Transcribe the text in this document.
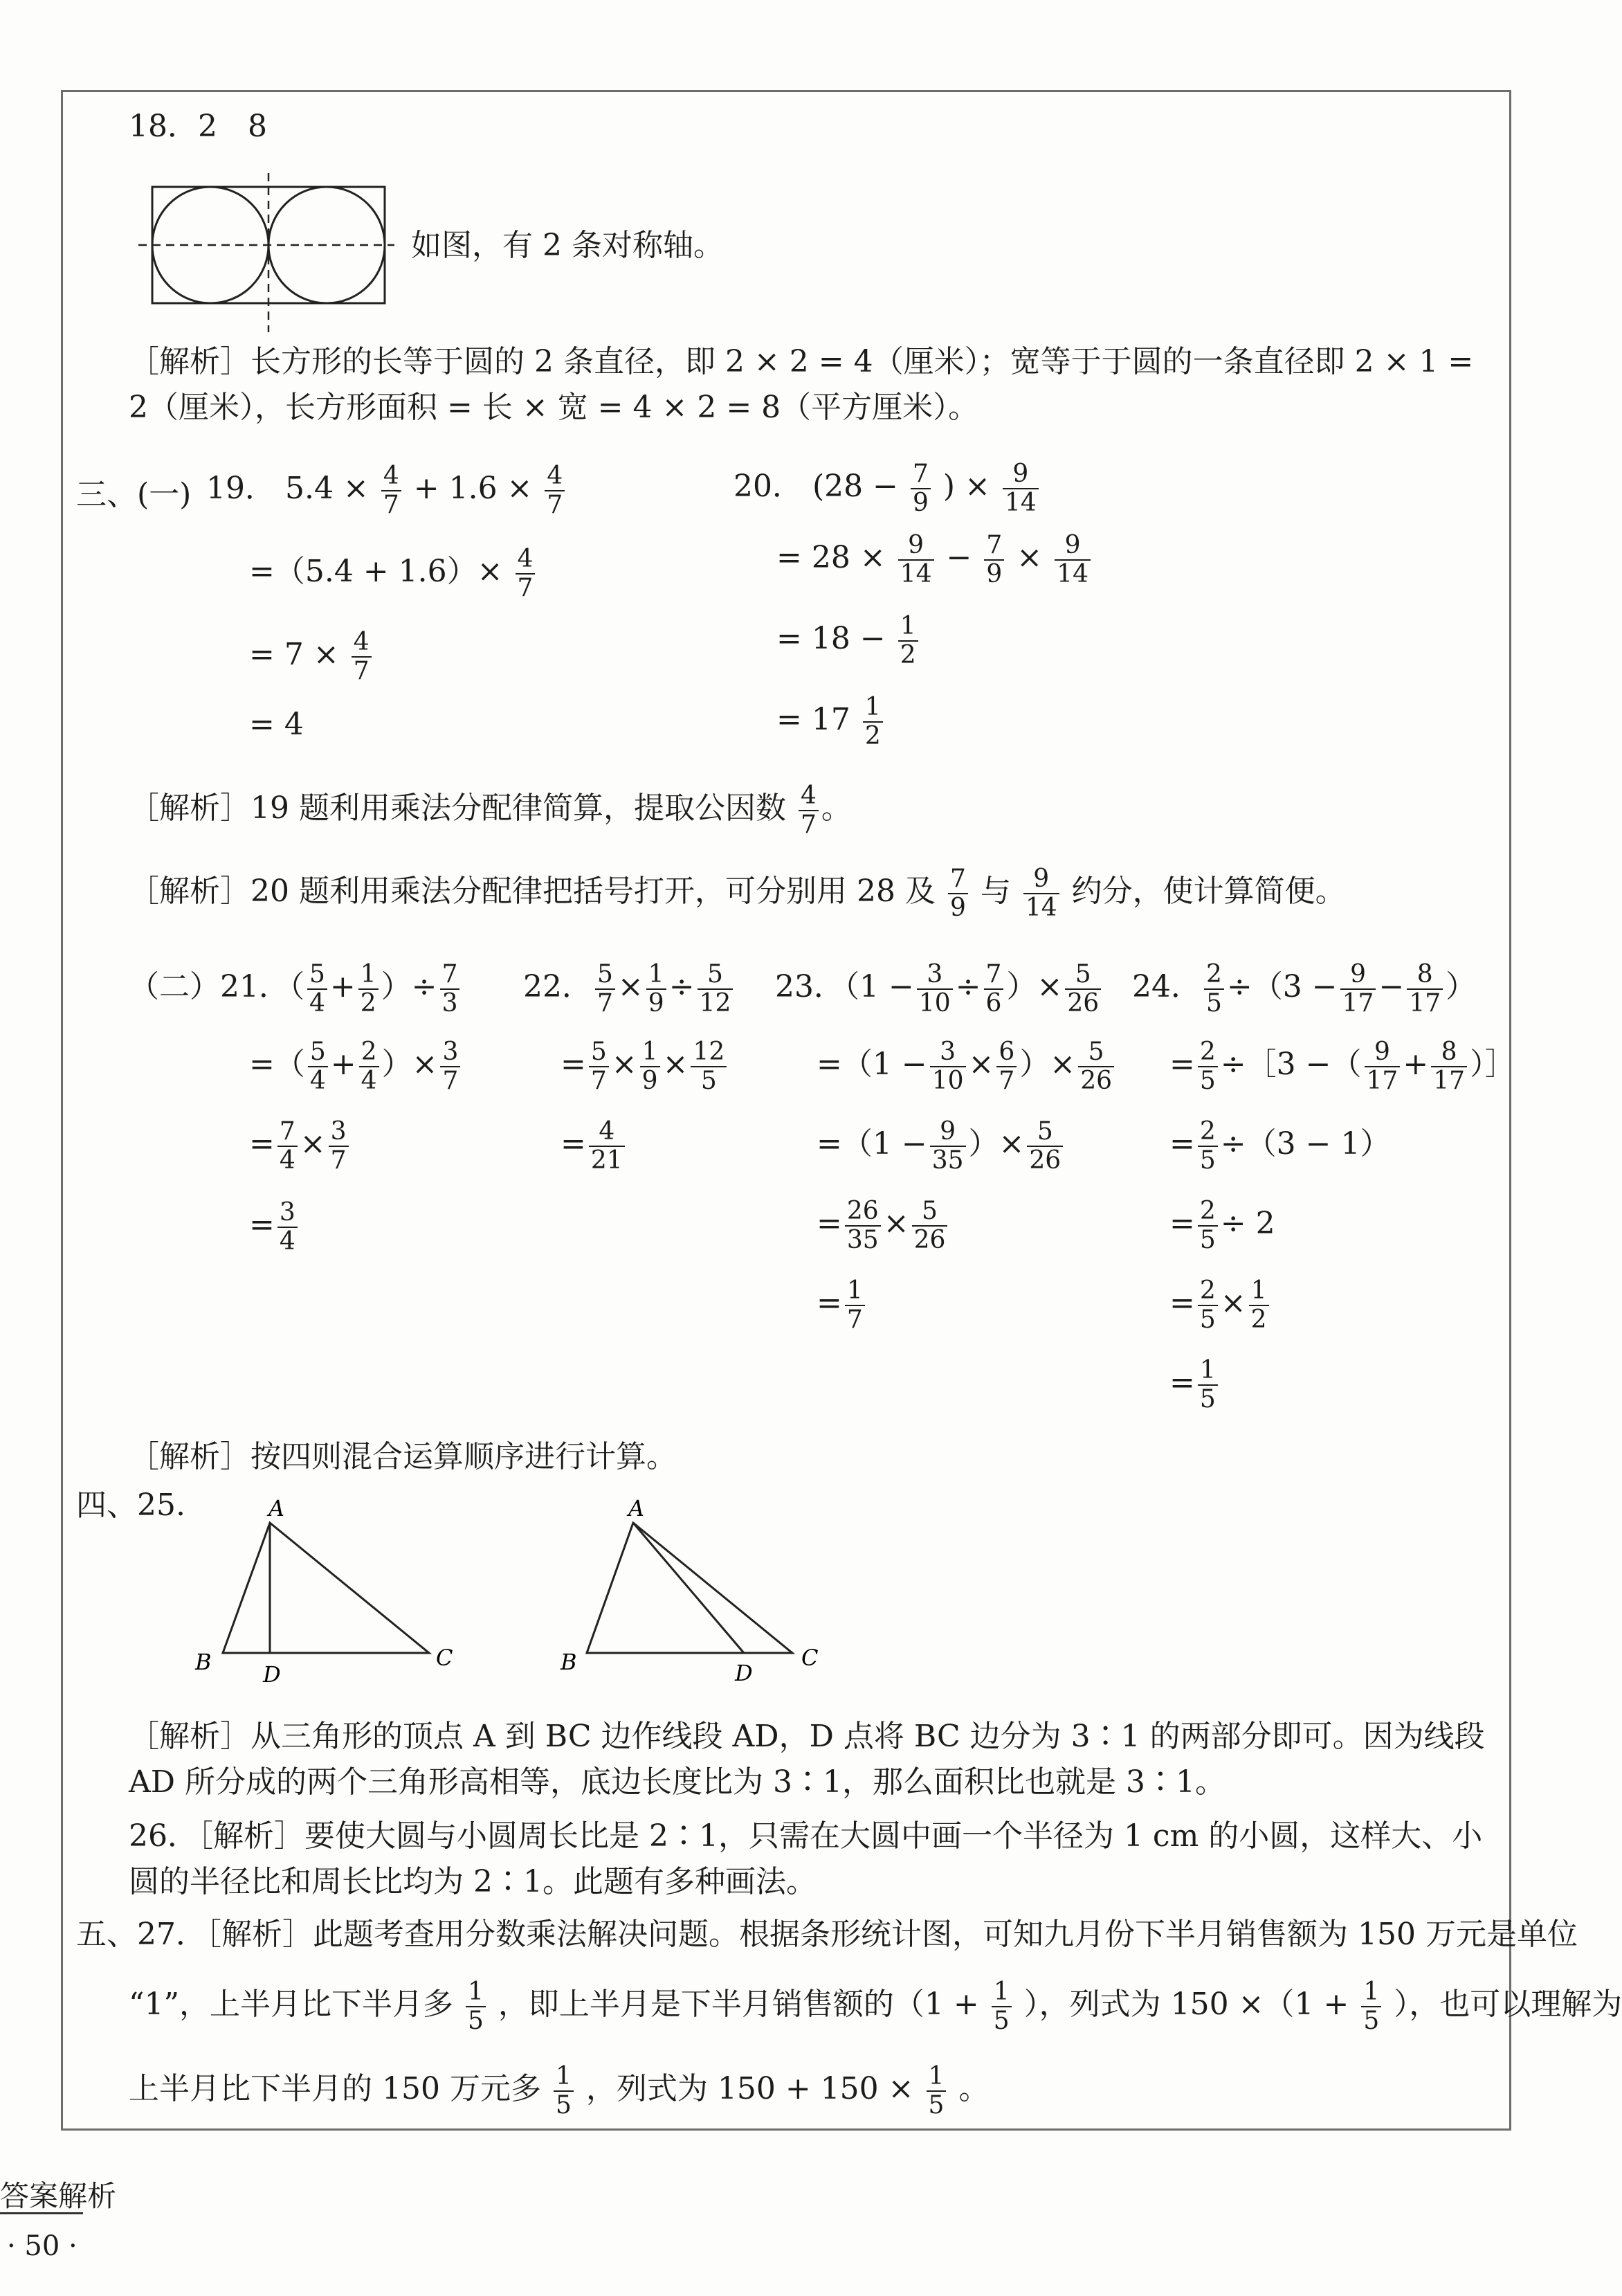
18．2　8
如图，有 2 条对称轴。
［解析］长方形的长等于圆的 2 条直径，即 2 × 2 = 4（厘米）；宽等于于圆的一条直径即 2 × 1 = 2（厘米），长方形面积 = 长 × 宽 = 4 × 2 = 8（平方厘米）。
三、(一) 19． $5.4 \times \frac{4}{7} + 1.6 \times \frac{4}{7}$
$=(5.4 + 1.6)\times \frac{4}{7}$
= $7 \times \frac{4}{7}$
= 4
20． ($28 - \frac{7}{9}$ ) × $\frac{9}{14}$
= $28 \times \frac{9}{14} - \frac{7}{9} \times \frac{9}{14}$
= $18 - \frac{1}{2}$
= $17 \frac{1}{2}$
［解析］19 题利用乘法分配律简算，提取公因数 $\frac{4}{7}$ 。
［解析］20 题利用乘法分配律把括号打开，可分别用 28 及 $\frac{7}{9}$ 与 $\frac{9}{14}$ 约分，使计算简便。
（二）21．（ $\frac{5}{4} + \frac{1}{2}$ ）÷ $\frac{7}{3}$
=（ $\frac{5}{4} + \frac{2}{4}$ ）× $\frac{3}{7}$
= $\frac{7}{4} \times \frac{3}{7}$
= $\frac{3}{4}$
22． $\frac{5}{7} \times \frac{1}{9} \div \frac{5}{12}$
= $\frac{5}{7} \times \frac{1}{9} \times \frac{12}{5}$
= $\frac{4}{21}$
23．（$1 - \frac{3}{10} \div \frac{7}{6}$ ）× $\frac{5}{26}$
$=(1 - \frac{3}{10} \times \frac{6}{7}$ ）× $\frac{5}{26}$
$=(1 - \frac{9}{35}$ ）× $\frac{5}{26}$
= $\frac{26}{35} \times \frac{5}{26}$
= $\frac{1}{7}$
24． $\frac{2}{5} \div(3 - \frac{9}{17} - \frac{8}{17}$ ）
= $\frac{2}{5}$ ÷［3 −（ $\frac{9}{17} + \frac{8}{17}$ ）］
= $\frac{2}{5} \div(3 - 1)$
= $\frac{2}{5} \div 2$
= $\frac{2}{5} \times \frac{1}{2}$
= $\frac{1}{5}$
［解析］按四则混合运算顺序进行计算。
四、25.	A
B D
C
A
B	D
C
［解析］从三角形的顶点 A 到 BC 边作线段 AD，D 点将 BC 边分为 3∶1 的两部分即可。因为线段 AD 所分成的两个三角形高相等，底边长度比为 3∶1，那么面积比也就是 3∶1。
26．［解析］要使大圆与小圆周长比是 2∶1，只需在大圆中画一个半径为 1 cm 的小圆，这样大、小圆的半径比和周长比均为 2∶1。此题有多种画法。
五、27．［解析］此题考查用分数乘法解决问题。根据条形统计图，可知九月份下半月销售额为 150 万元是单位
“1”，上半月比下半月多 $\frac{1}{5}$ ，即上半月是下半月销售额的（$1 + \frac{1}{5}$ ），列式为 $150 \times(1 + \frac{1}{5}$ ），也可以理解为
上半月比下半月的 150 万元多 $\frac{1}{5}$ ，列式为 $150 + 150 \times \frac{1}{5}$ 。
答案解析
· 50 ·
